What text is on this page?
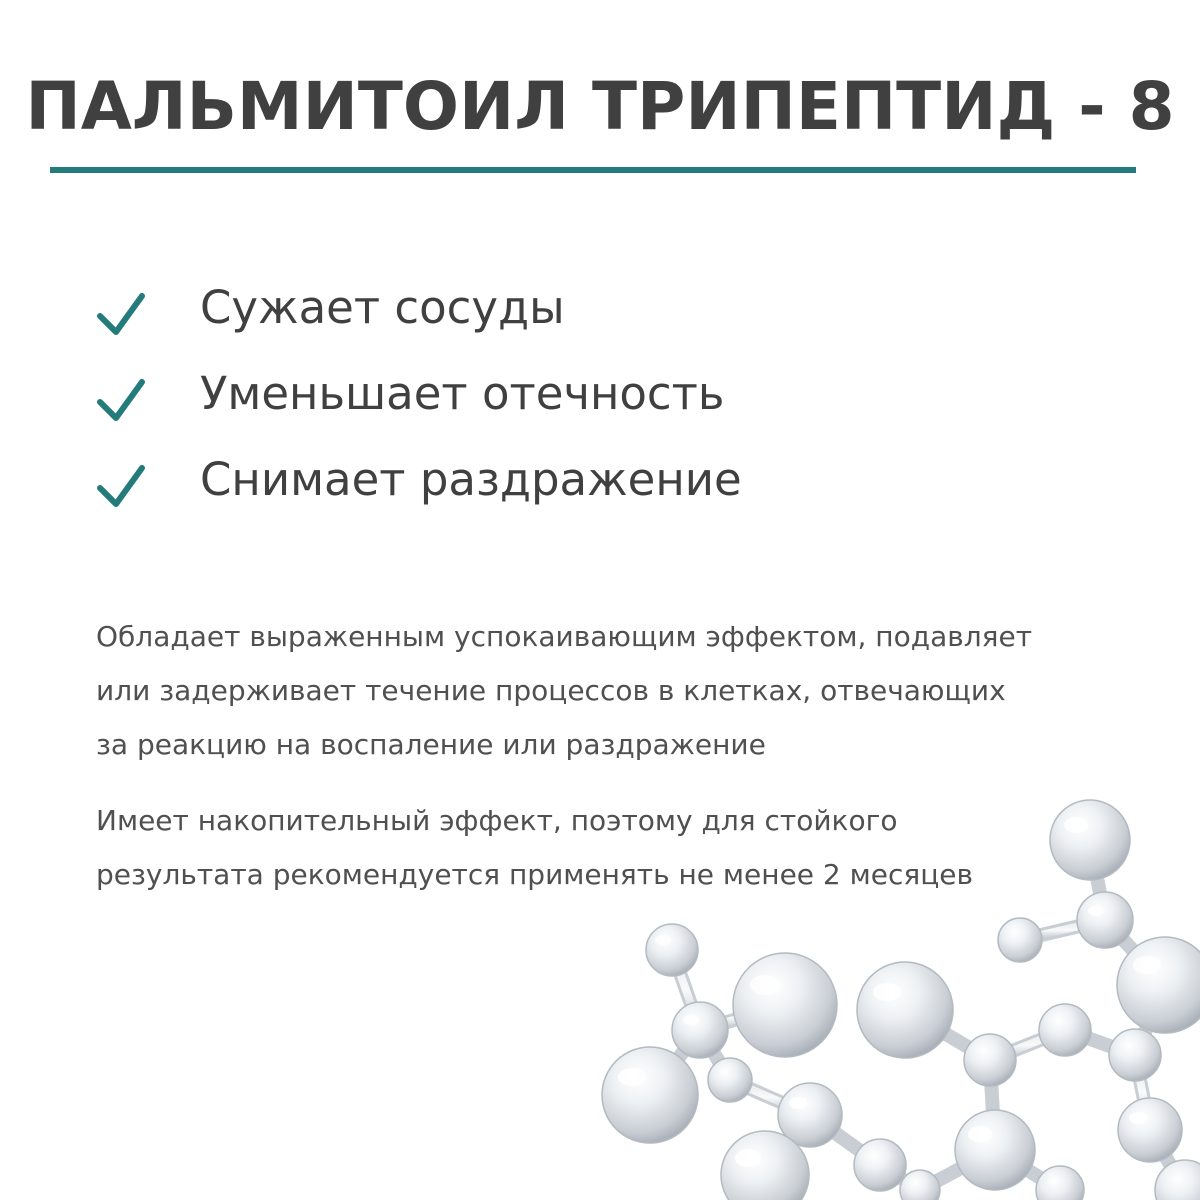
ПАЛЬМИТОИЛ ТРИПЕПТИД - 8
Сужает сосуды
Уменьшает отечность
Снимает раздражение

Обладает выраженным успокаивающим эффектом, подавляет
или задерживает течение процессов в клетках, отвечающих
за реакцию на воспаление или раздражение

Имеет накопительный эффект, поэтому для стойкого
результата рекомендуется применять не менее 2 месяцев
